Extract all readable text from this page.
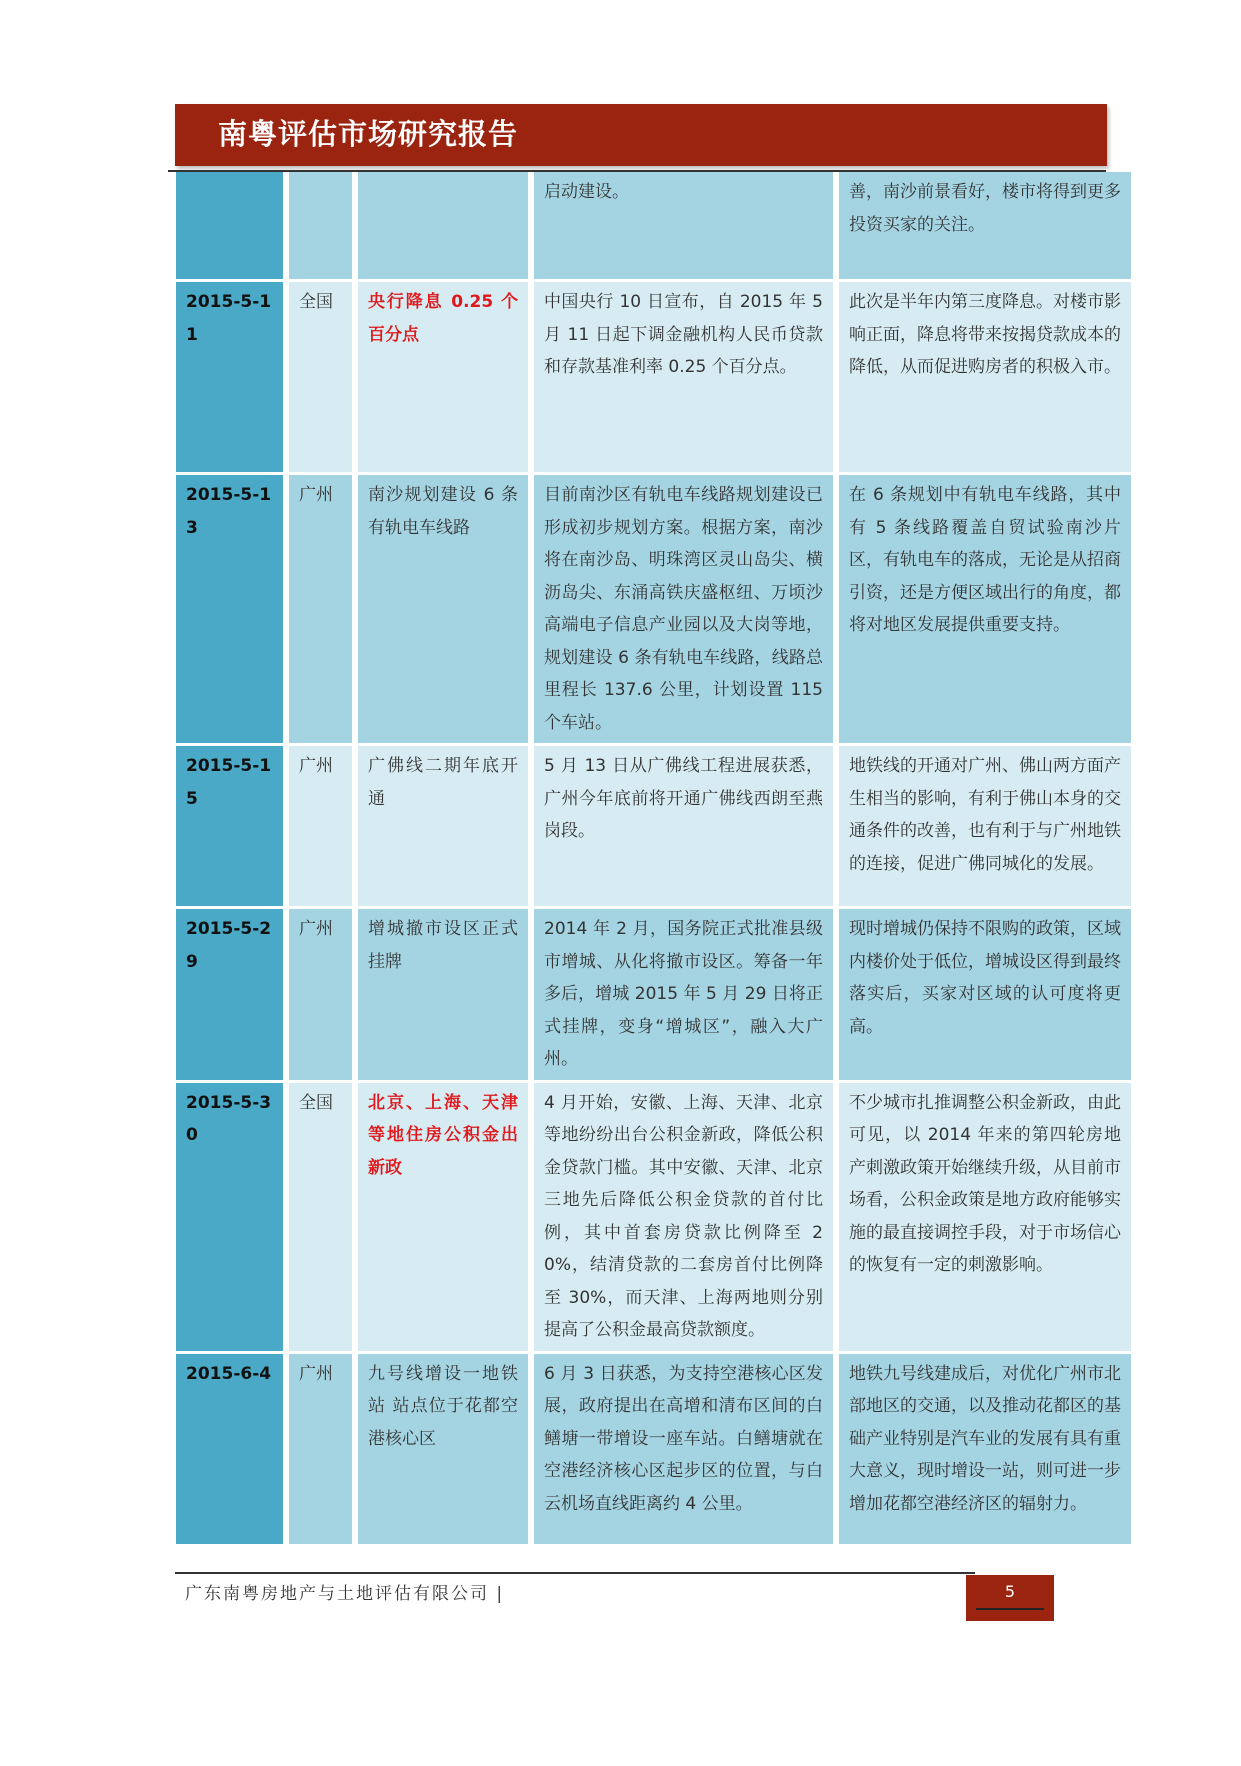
南粤评估市场研究报告
			启动建设。	善，南沙前景看好，楼市将得到更多投资买家的关注。
2015-5-11	全国	央行降息 0.25 个百分点	中国央行 10 日宣布，自 2015 年 5 月 11 日起下调金融机构人民币贷款和存款基准利率 0.25 个百分点。	此次是半年内第三度降息。对楼市影响正面，降息将带来按揭贷款成本的降低，从而促进购房者的积极入市。
2015-5-13	广州	南沙规划建设 6 条有轨电车线路	目前南沙区有轨电车线路规划建设已形成初步规划方案。根据方案，南沙将在南沙岛、明珠湾区灵山岛尖、横沥岛尖、东涌高铁庆盛枢纽、万顷沙高端电子信息产业园以及大岗等地，规划建设 6 条有轨电车线路，线路总里程长 137.6 公里，计划设置 115 个车站。	在 6 条规划中有轨电车线路，其中有 5 条线路覆盖自贸试验南沙片区，有轨电车的落成，无论是从招商引资，还是方便区域出行的角度，都将对地区发展提供重要支持。
2015-5-15	广州	广佛线二期年底开通	5 月 13 日从广佛线工程进展获悉，广州今年底前将开通广佛线西朗至燕岗段。	地铁线的开通对广州、佛山两方面产生相当的影响，有利于佛山本身的交通条件的改善，也有利于与广州地铁的连接，促进广佛同城化的发展。
2015-5-29	广州	增城撤市设区正式挂牌	2014 年 2 月，国务院正式批准县级市增城、从化将撤市设区。筹备一年多后，增城 2015 年 5 月 29 日将正式挂牌，变身“增城区”，融入大广州。	现时增城仍保持不限购的政策，区域内楼价处于低位，增城设区得到最终落实后，买家对区域的认可度将更高。
2015-5-30	全国	北京、上海、天津等地住房公积金出新政	4 月开始，安徽、上海、天津、北京等地纷纷出台公积金新政，降低公积金贷款门槛。其中安徽、天津、北京三地先后降低公积金贷款的首付比例，其中首套房贷款比例降至 20%，结清贷款的二套房首付比例降至 30%，而天津、上海两地则分别提高了公积金最高贷款额度。	不少城市扎推调整公积金新政，由此可见，以 2014 年来的第四轮房地产刺激政策开始继续升级，从目前市场看，公积金政策是地方政府能够实施的最直接调控手段，对于市场信心的恢复有一定的刺激影响。
2015-6-4	广州	九号线增设一地铁站 站点位于花都空港核心区	6 月 3 日获悉，为支持空港核心区发展，政府提出在高增和清布区间的白鳝塘一带增设一座车站。白鳝塘就在空港经济核心区起步区的位置，与白云机场直线距离约 4 公里。	地铁九号线建成后，对优化广州市北部地区的交通，以及推动花都区的基础产业特别是汽车业的发展有具有重大意义，现时增设一站，则可进一步增加花都空港经济区的辐射力。
广东南粤房地产与土地评估有限公司 |	5
